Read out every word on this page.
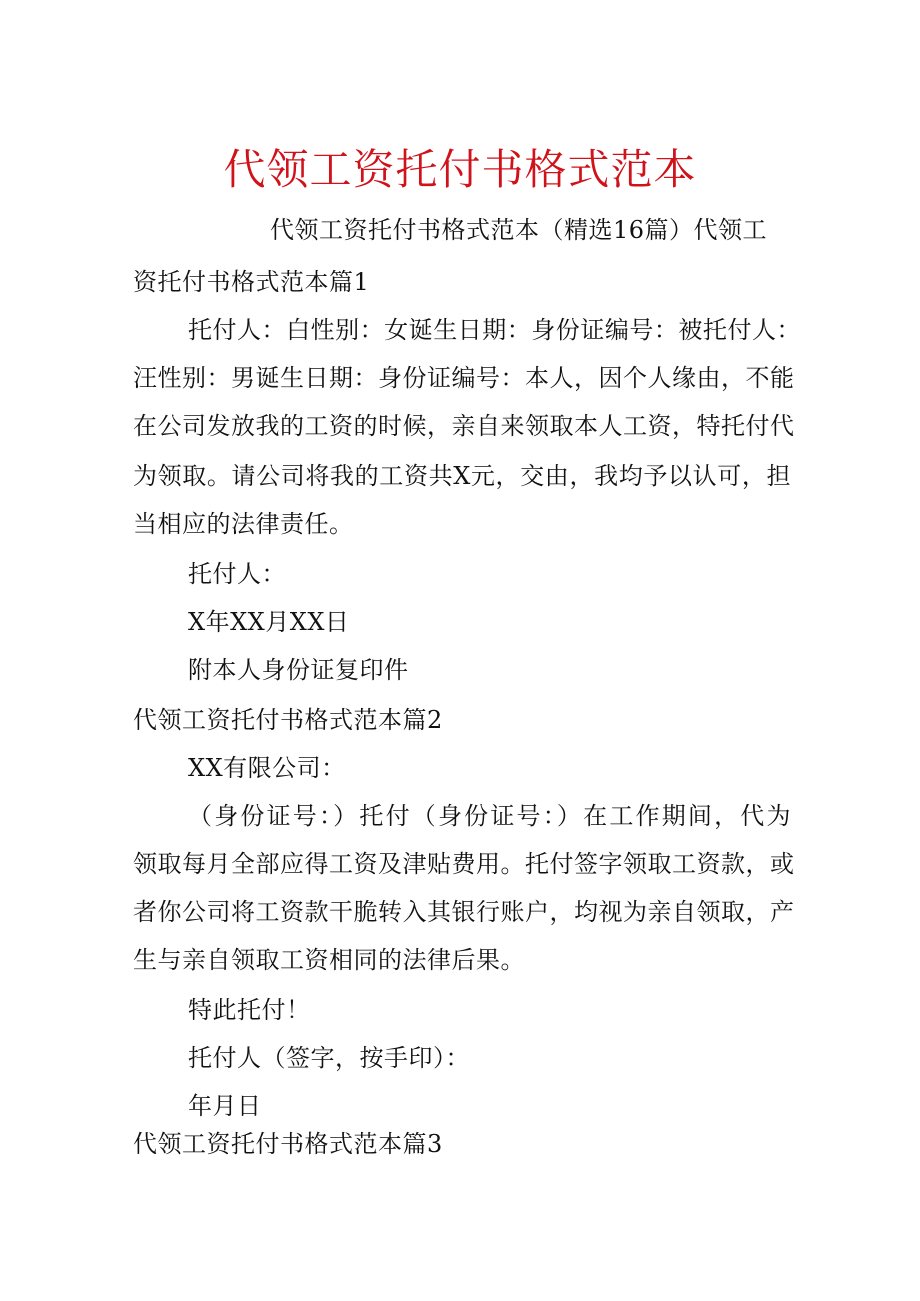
代领工资托付书格式范本
代领工资托付书格式范本（精选16篇）代领工
资托付书格式范本篇1
托付人：白性别：女诞生日期：身份证编号：被托付人：
汪性别：男诞生日期：身份证编号：本人，因个人缘由，不能
在公司发放我的工资的时候，亲自来领取本人工资，特托付代
为领取。请公司将我的工资共X元，交由，我均予以认可，担
当相应的法律责任。
托付人：
X年XX月XX日
附本人身份证复印件
代领工资托付书格式范本篇2
XX有限公司：
（身份证号：）托付（身份证号：）在工作期间，代为
领取每月全部应得工资及津贴费用。托付签字领取工资款，或
者你公司将工资款干脆转入其银行账户，均视为亲自领取，产
生与亲自领取工资相同的法律后果。
特此托付！
托付人（签字，按手印）：
年月日
代领工资托付书格式范本篇3
